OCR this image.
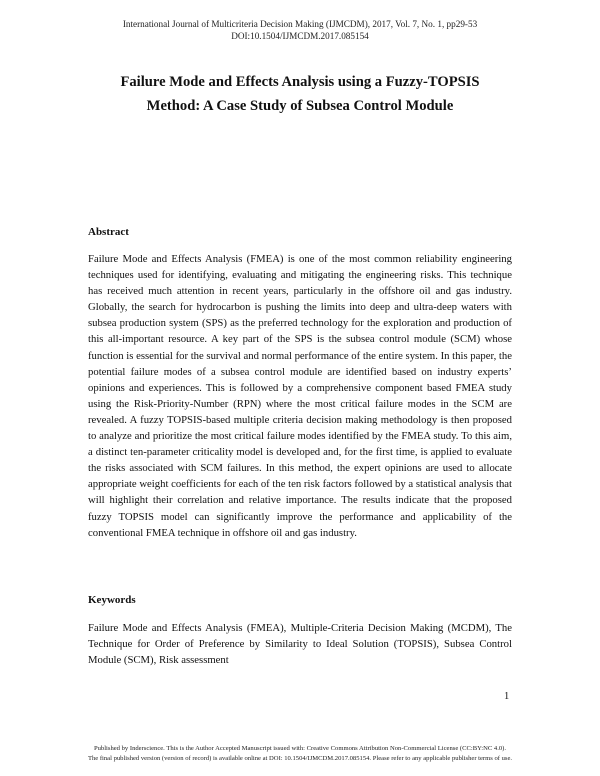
International Journal of Multicriteria Decision Making (IJMCDM), 2017, Vol. 7, No. 1, pp29-53
DOI:10.1504/IJMCDM.2017.085154
Failure Mode and Effects Analysis using a Fuzzy-TOPSIS
Method: A Case Study of Subsea Control Module
Abstract
Failure Mode and Effects Analysis (FMEA) is one of the most common reliability engineering techniques used for identifying, evaluating and mitigating the engineering risks. This technique has received much attention in recent years, particularly in the offshore oil and gas industry. Globally, the search for hydrocarbon is pushing the limits into deep and ultra-deep waters with subsea production system (SPS) as the preferred technology for the exploration and production of this all-important resource. A key part of the SPS is the subsea control module (SCM) whose function is essential for the survival and normal performance of the entire system. In this paper, the potential failure modes of a subsea control module are identified based on industry experts’ opinions and experiences. This is followed by a comprehensive component based FMEA study using the Risk-Priority-Number (RPN) where the most critical failure modes in the SCM are revealed. A fuzzy TOPSIS-based multiple criteria decision making methodology is then proposed to analyze and prioritize the most critical failure modes identified by the FMEA study. To this aim, a distinct ten-parameter criticality model is developed and, for the first time, is applied to evaluate the risks associated with SCM failures. In this method, the expert opinions are used to allocate appropriate weight coefficients for each of the ten risk factors followed by a statistical analysis that will highlight their correlation and relative importance. The results indicate that the proposed fuzzy TOPSIS model can significantly improve the performance and applicability of the conventional FMEA technique in offshore oil and gas industry.
Keywords
Failure Mode and Effects Analysis (FMEA), Multiple-Criteria Decision Making (MCDM), The Technique for Order of Preference by Similarity to Ideal Solution (TOPSIS), Subsea Control Module (SCM), Risk assessment
1
Published by Inderscience. This is the Author Accepted Manuscript issued with: Creative Commons Attribution Non-Commercial License (CC:BY:NC 4.0).
The final published version (version of record) is available online at DOI: 10.1504/IJMCDM.2017.085154. Please refer to any applicable publisher terms of use.
